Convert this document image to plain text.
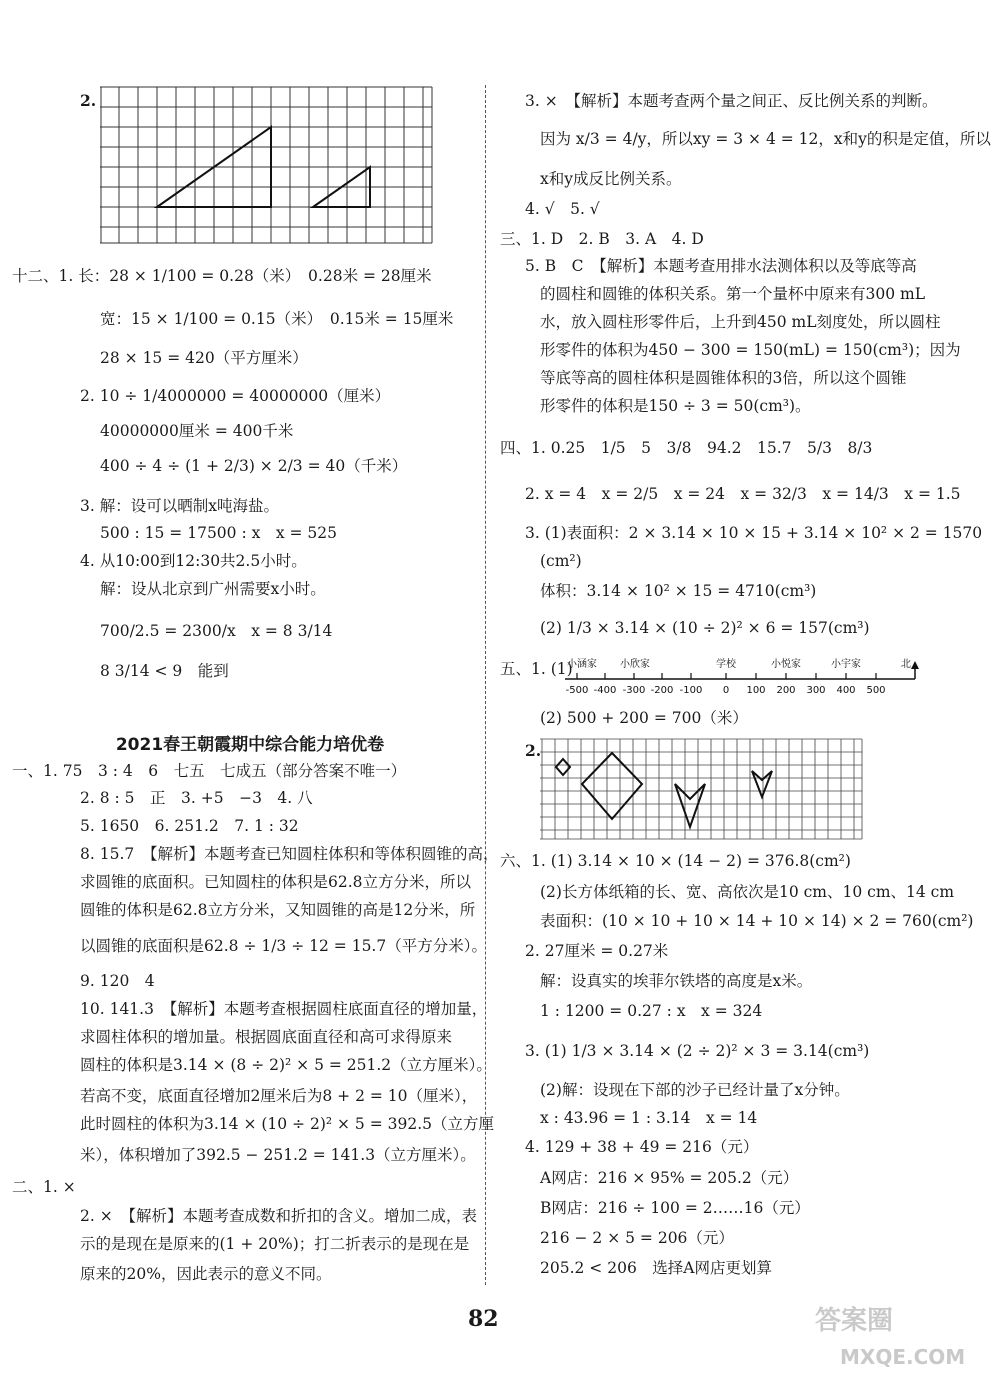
2.
十二、1. 长：28 × 1/100 = 0.28（米）　0.28米 = 28厘米
宽：15 × 1/100 = 0.15（米）　0.15米 = 15厘米
28 × 15 = 420（平方厘米）
2. 10 ÷ 1/4000000 = 40000000（厘米）
40000000厘米 = 400千米
400 ÷ 4 ÷ (1 + 2/3) × 2/3 = 40（千米）
3. 解：设可以晒制x吨海盐。
500 : 15 = 17500 : x　x = 525
4. 从10:00到12:30共2.5小时。
解：设从北京到广州需要x小时。
700/2.5 = 2300/x　x = 8 3/14
8 3/14 < 9　能到
2021春王朝霞期中综合能力培优卷
一、1. 75　3 : 4　6　七五　七成五（部分答案不唯一）
2. 8 : 5　正　3. +5　−3　4. 八
5. 1650　6. 251.2　7. 1 : 32
8. 15.7　【解析】本题考查已知圆柱体积和等体积圆锥的高，
求圆锥的底面积。已知圆柱的体积是62.8立方分米，所以
圆锥的体积是62.8立方分米，又知圆锥的高是12分米，所
以圆锥的底面积是62.8 ÷ 1/3 ÷ 12 = 15.7（平方分米）。
9. 120　4
10. 141.3　【解析】本题考查根据圆柱底面直径的增加量，
求圆柱体积的增加量。根据圆底面直径和高可求得原来
圆柱的体积是3.14 × (8 ÷ 2)² × 5 = 251.2（立方厘米）。
若高不变，底面直径增加2厘米后为8 + 2 = 10（厘米），
此时圆柱的体积为3.14 × (10 ÷ 2)² × 5 = 392.5（立方厘
米），体积增加了392.5 − 251.2 = 141.3（立方厘米）。
二、1. ×
2. ×　【解析】本题考查成数和折扣的含义。增加二成，表
示的是现在是原来的(1 + 20%)；打二折表示的是现在是
原来的20%，因此表示的意义不同。
3. ×　【解析】本题考查两个量之间正、反比例关系的判断。
因为 x/3 = 4/y，所以xy = 3 × 4 = 12，x和y的积是定值，所以
x和y成反比例关系。
4. √　5. √
三、1. D　2. B　3. A　4. D
5. B　C　【解析】本题考查用排水法测体积以及等底等高
的圆柱和圆锥的体积关系。第一个量杯中原来有300 mL
水，放入圆柱形零件后，上升到450 mL刻度处，所以圆柱
形零件的体积为450 − 300 = 150(mL) = 150(cm³)；因为
等底等高的圆柱体积是圆锥体积的3倍，所以这个圆锥
形零件的体积是150 ÷ 3 = 50(cm³)。
四、1. 0.25　1/5　5　3/8　94.2　15.7　5/3　8/3
2. x = 4　x = 2/5　x = 24　x = 32/3　x = 14/3　x = 1.5
3. (1)表面积：2 × 3.14 × 10 × 15 + 3.14 × 10² × 2 = 1570
(cm²)
体积：3.14 × 10² × 15 = 4710(cm³)
(2) 1/3 × 3.14 × (10 ÷ 2)² × 6 = 157(cm³)
五、1. (1)
小涵家 小欣家	学校	小悦家	小宇家	北
-500 -400 -300 -200 -100 0 100 200 300 400 500
(2) 500 + 200 = 700（米）
2.
六、1. (1) 3.14 × 10 × (14 − 2) = 376.8(cm²)
(2)长方体纸箱的长、宽、高依次是10 cm、10 cm、14 cm
表面积：(10 × 10 + 10 × 14 + 10 × 14) × 2 = 760(cm²)
2. 27厘米 = 0.27米
解：设真实的埃菲尔铁塔的高度是x米。
1 : 1200 = 0.27 : x　x = 324
3. (1) 1/3 × 3.14 × (2 ÷ 2)² × 3 = 3.14(cm³)
(2)解：设现在下部的沙子已经计量了x分钟。
x : 43.96 = 1 : 3.14　x = 14
4. 129 + 38 + 49 = 216（元）
A网店：216 × 95% = 205.2（元）
B网店：216 ÷ 100 = 2……16（元）
216 − 2 × 5 = 206（元）
205.2 < 206　选择A网店更划算
82	答案圈
MXQE.COM
